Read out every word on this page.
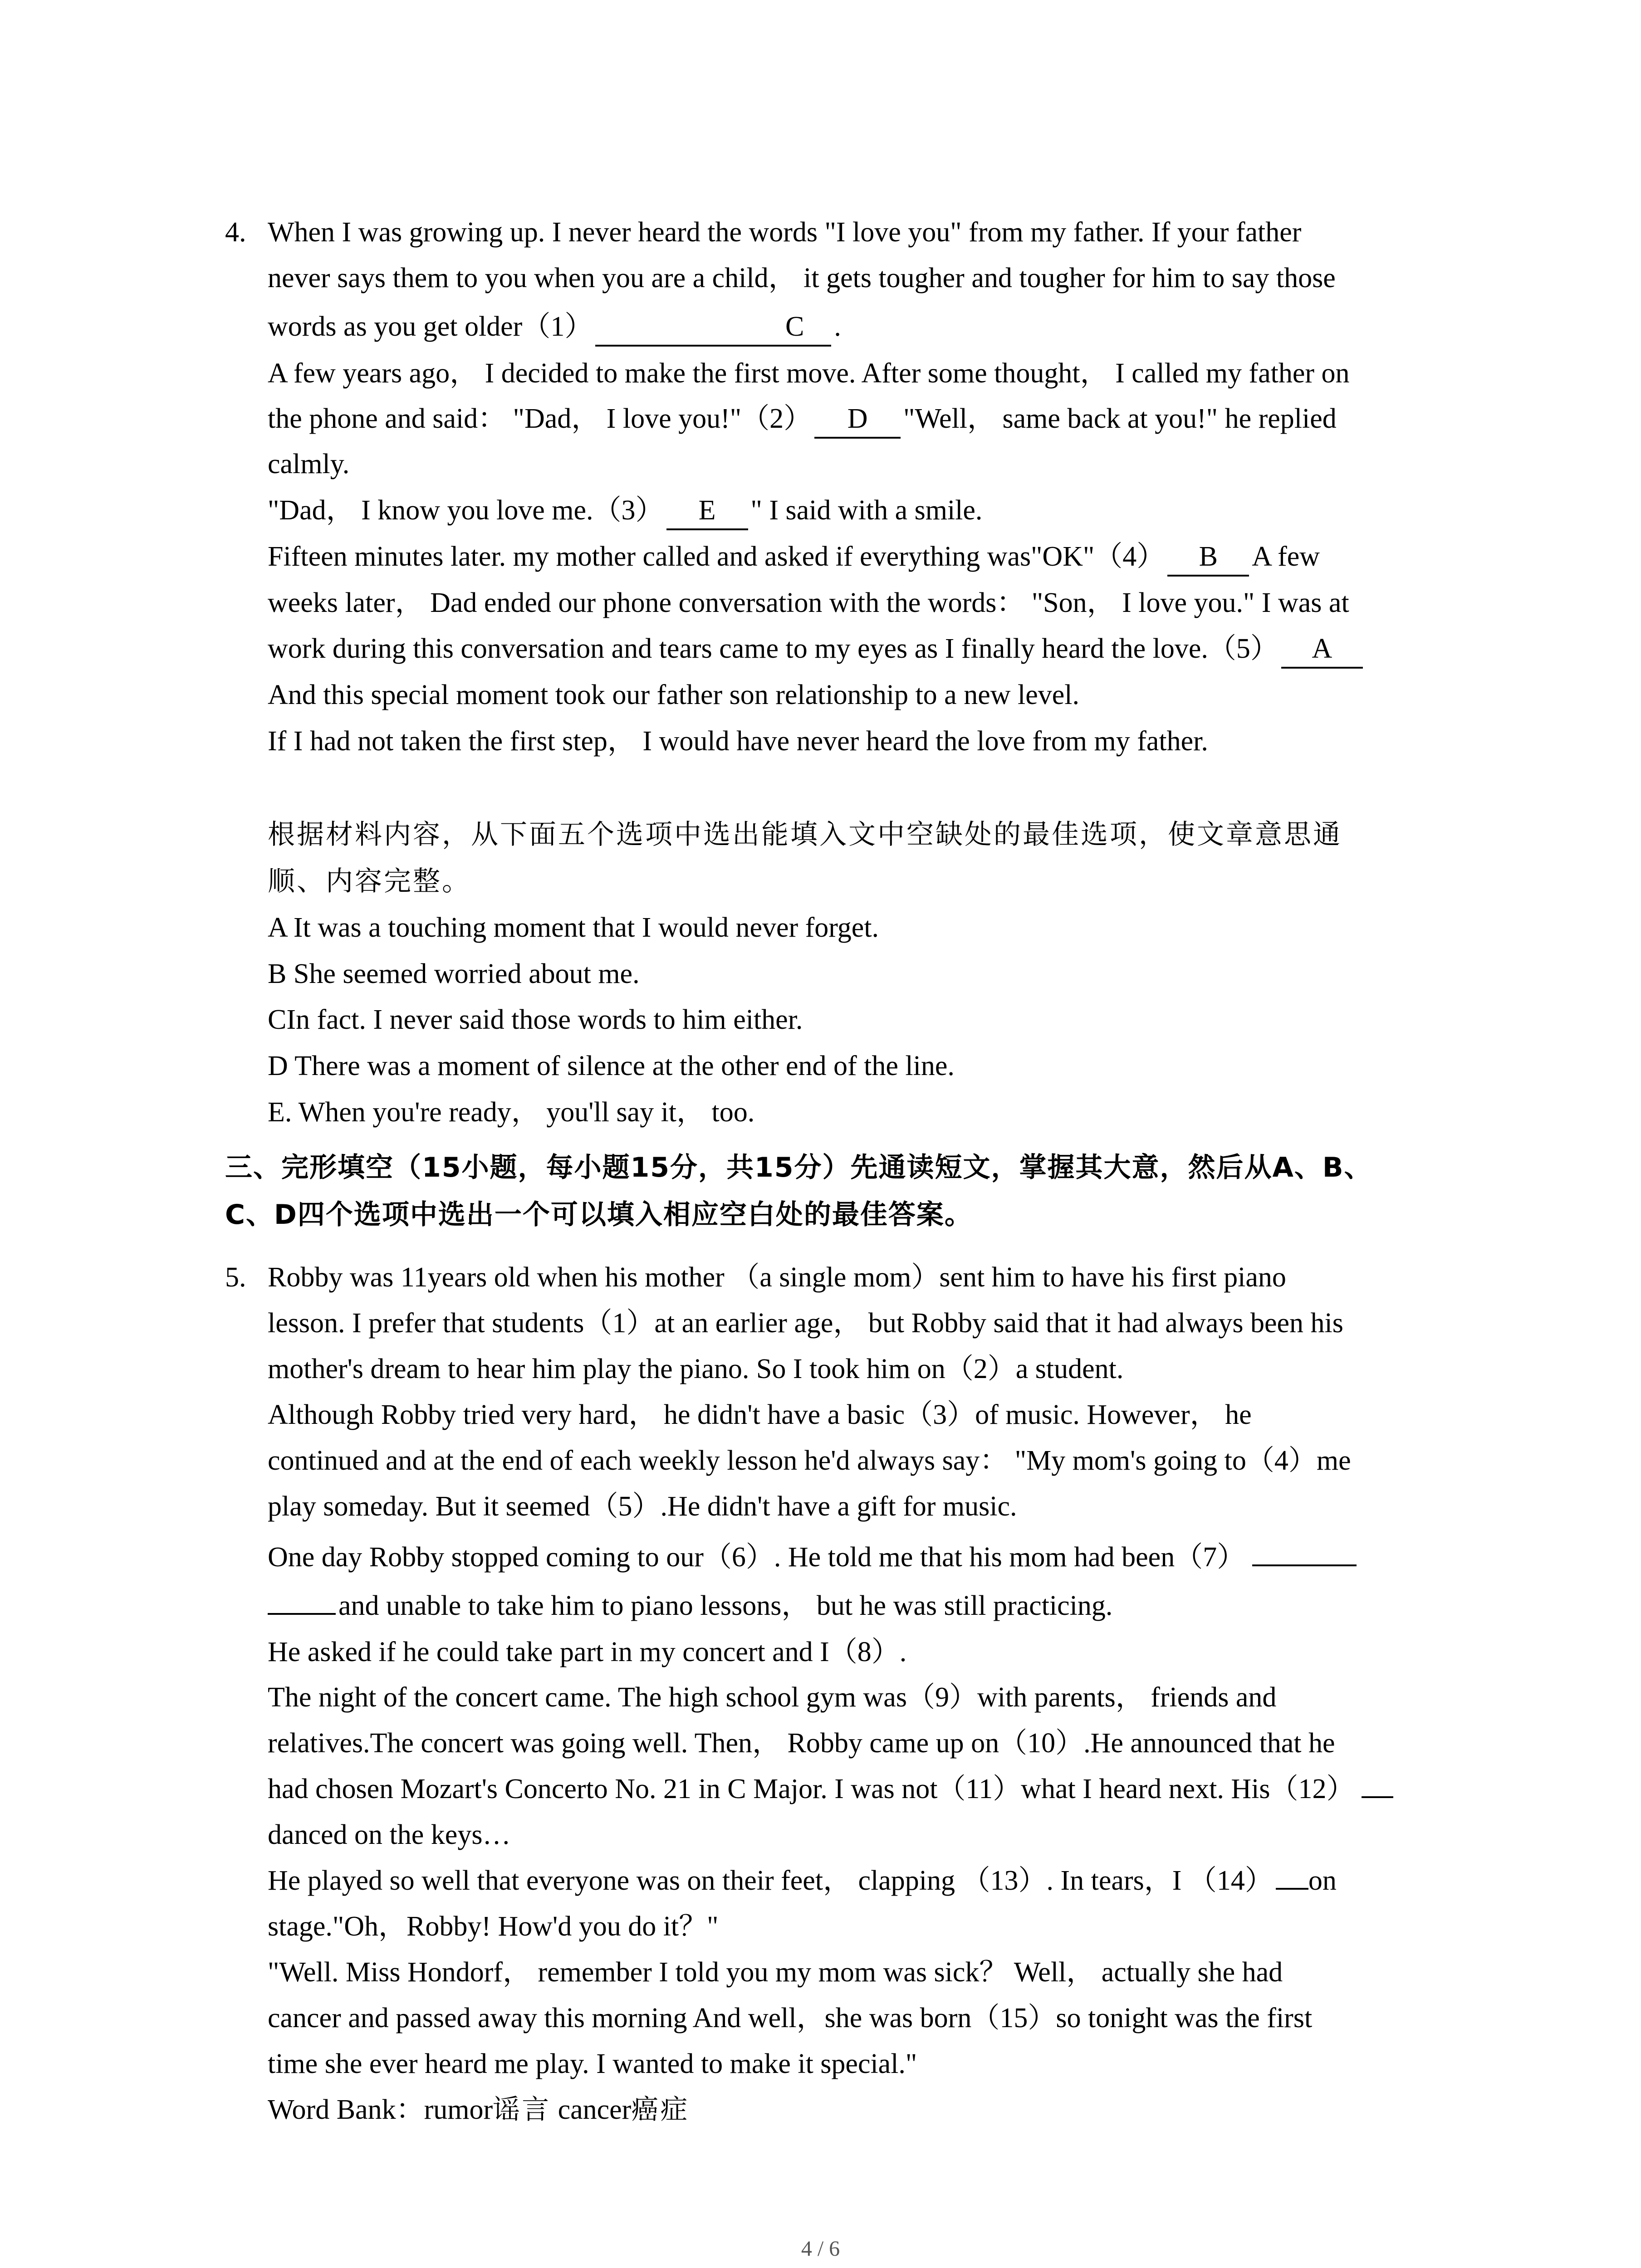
4. When I was growing up. I never heard the words "I love you" from my father. If your father
never says them to you when you are a child， it gets tougher and tougher for him to say those
words as you get older（1）	C .
A few years ago， I decided to make the first move. After some thought， I called my father on
the phone and said： "Dad， I love you!"（2） D "Well， same back at you!" he replied
calmly.
"Dad， I know you love me.（3） E " I said with a smile.
Fifteen minutes later. my mother called and asked if everything was"OK"（4） B A few
weeks later， Dad ended our phone conversation with the words： "Son， I love you." I was at
work during this conversation and tears came to my eyes as I finally heard the love.（5） A
And this special moment took our father son relationship to a new level.
If I had not taken the first step， I would have never heard the love from my father.
根据材料内容，从下面五个选项中选出能填入文中空缺处的最佳选项，使文章意思通
顺、内容完整。
A It was a touching moment that I would never forget.
B She seemed worried about me.
CIn fact. I never said those words to him either.
D There was a moment of silence at the other end of the line.
E. When you're ready， you'll say it， too.
三、完形填空（15小题，每小题15分，共15分）先通读短文，掌握其大意，然后从A、B、
C、D四个选项中选出一个可以填入相应空白处的最佳答案。
5. Robby was 11years old when his mother （a single mom）sent him to have his first piano
lesson. I prefer that students（1）at an earlier age， but Robby said that it had always been his
mother's dream to hear him play the piano. So I took him on（2）a student.
Although Robby tried very hard， he didn't have a basic（3）of music. However， he
continued and at the end of each weekly lesson he'd always say： "My mom's going to（4）me
play someday. But it seemed（5）.He didn't have a gift for music.
One day Robby stopped coming to our（6）. He told me that his mom had been（7）
and unable to take him to piano lessons， but he was still practicing.
He asked if he could take part in my concert and I（8）.
The night of the concert came. The high school gym was（9）with parents， friends and
relatives.The concert was going well. Then， Robby came up on（10）.He announced that he
had chosen Mozart's Concerto No. 21 in C Major. I was not（11）what I heard next. His（12）
danced on the keys…
He played so well that everyone was on their feet， clapping （13）. In tears，I （14） on
stage."Oh，Robby! How'd you do it？"
"Well. Miss Hondorf， remember I told you my mom was sick？ Well， actually she had
cancer and passed away this morning And well，she was born（15）so tonight was the first
time she ever heard me play. I wanted to make it special."
Word Bank：rumor谣言 cancer癌症
4 / 6
